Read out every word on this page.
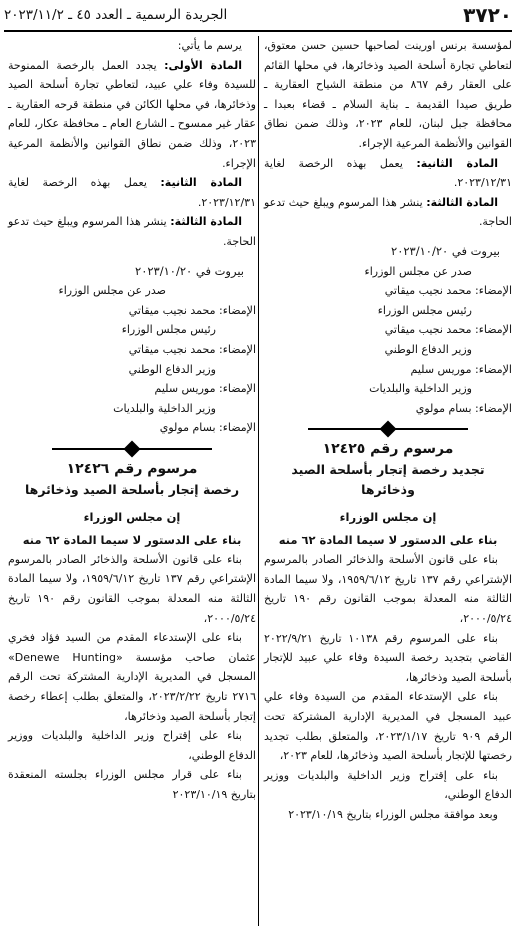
٣٧٢٠
الجريدة الرسمية ـ العدد ٤٥ ـ ٢٠٢٣/١١/٢

لمؤسسة برنس اورينت لصاحبها حسين حسن معتوق، لتعاطي تجارة أسلحة الصيد وذخائرها، في محلها القائم على العقار رقم ٨٦٧ من منطقة الشياح العقارية ـ طريق صيدا القديمة ـ بناية السلام ـ قضاء بعبدا ـ محافظة جبل لبنان، للعام ٢٠٢٣، وذلك ضمن نطاق القوانين والأنظمة المرعية الإجراء.

المادة الثانية: يعمل بهذه الرخصة لغاية ٢٠٢٣/١٢/٣١.

المادة الثالثة: ينشر هذا المرسوم ويبلغ حيث تدعو الحاجة.

بيروت في ٢٠٢٣/١٠/٢٠

صدر عن مجلس الوزراء

الإمضاء: محمد نجيب ميقاتي

رئيس مجلس الوزراء

الإمضاء: محمد نجيب ميقاتي

وزير الدفاع الوطني

الإمضاء: موريس سليم

وزير الداخلية والبلديات

الإمضاء: بسام مولوي

مرسوم رقم ١٢٤٢٥

تجديد رخصة إتجار بأسلحة الصيد وذخائرها

إن مجلس الوزراء

بناء على الدستور لا سيما المادة ٦٢ منه

بناء على قانون الأسلحة والذخائر الصادر بالمرسوم الإشتراعي رقم ١٣٧ تاريخ ١٩٥٩/٦/١٢، ولا سيما المادة الثالثة منه المعدلة بموجب القانون رقم ١٩٠ تاريخ ٢٠٠٠/٥/٢٤،

بناء على المرسوم رقم ١٠١٣٨ تاريخ ٢٠٢٢/٩/٢١ القاضي بتجديد رخصة السيدة وفاء علي عبيد للإتجار بأسلحة الصيد وذخائرها،

بناء على الإستدعاء المقدم من السيدة وفاء علي عبيد المسجل في المديرية الإدارية المشتركة تحت الرقم ٩٠٩ تاريخ ٢٠٢٣/١/١٧، والمتعلق بطلب تجديد رخصتها للإتجار بأسلحة الصيد وذخائرها، للعام ٢٠٢٣،

بناء على إقتراح وزير الداخلية والبلديات ووزير الدفاع الوطني،

وبعد موافقة مجلس الوزراء بتاريخ ٢٠٢٣/١٠/١٩

يرسم ما يأتي:

المادة الأولى: يجدد العمل بالرخصة الممنوحة للسيدة وفاء علي عبيد، لتعاطي تجارة أسلحة الصيد وذخائرها، في محلها الكائن في منطقة قرحه العقارية ـ عقار غير ممسوح ـ الشارع العام ـ محافظة عكار، للعام ٢٠٢٣، وذلك ضمن نطاق القوانين والأنظمة المرعية الإجراء.

المادة الثانية: يعمل بهذه الرخصة لغاية ٢٠٢٣/١٢/٣١.

المادة الثالثة: ينشر هذا المرسوم ويبلغ حيث تدعو الحاجة.

بيروت في ٢٠٢٣/١٠/٢٠

صدر عن مجلس الوزراء

الإمضاء: محمد نجيب ميقاتي

رئيس مجلس الوزراء

الإمضاء: محمد نجيب ميقاتي

وزير الدفاع الوطني

الإمضاء: موريس سليم

وزير الداخلية والبلديات

الإمضاء: بسام مولوي

مرسوم رقم ١٢٤٢٦

رخصة إتجار بأسلحة الصيد وذخائرها

إن مجلس الوزراء

بناء على الدستور لا سيما المادة ٦٢ منه

بناء على قانون الأسلحة والذخائر الصادر بالمرسوم الإشتراعي رقم ١٣٧ تاريخ ١٩٥٩/٦/١٢، ولا سيما المادة الثالثة منه المعدلة بموجب القانون رقم ١٩٠ تاريخ ٢٠٠٠/٥/٢٤،

بناء على الإستدعاء المقدم من السيد فؤاد فخري عثمان صاحب مؤسسة «Denewe Hunting» المسجل في المديرية الإدارية المشتركة تحت الرقم ٢٧١٦ تاريخ ٢٠٢٣/٢/٢٢، والمتعلق بطلب إعطاء رخصة إتجار بأسلحة الصيد وذخائرها،

بناء على إقتراح وزير الداخلية والبلديات ووزير الدفاع الوطني،

بناء على قرار مجلس الوزراء بجلسته المنعقدة بتاريخ ٢٠٢٣/١٠/١٩
